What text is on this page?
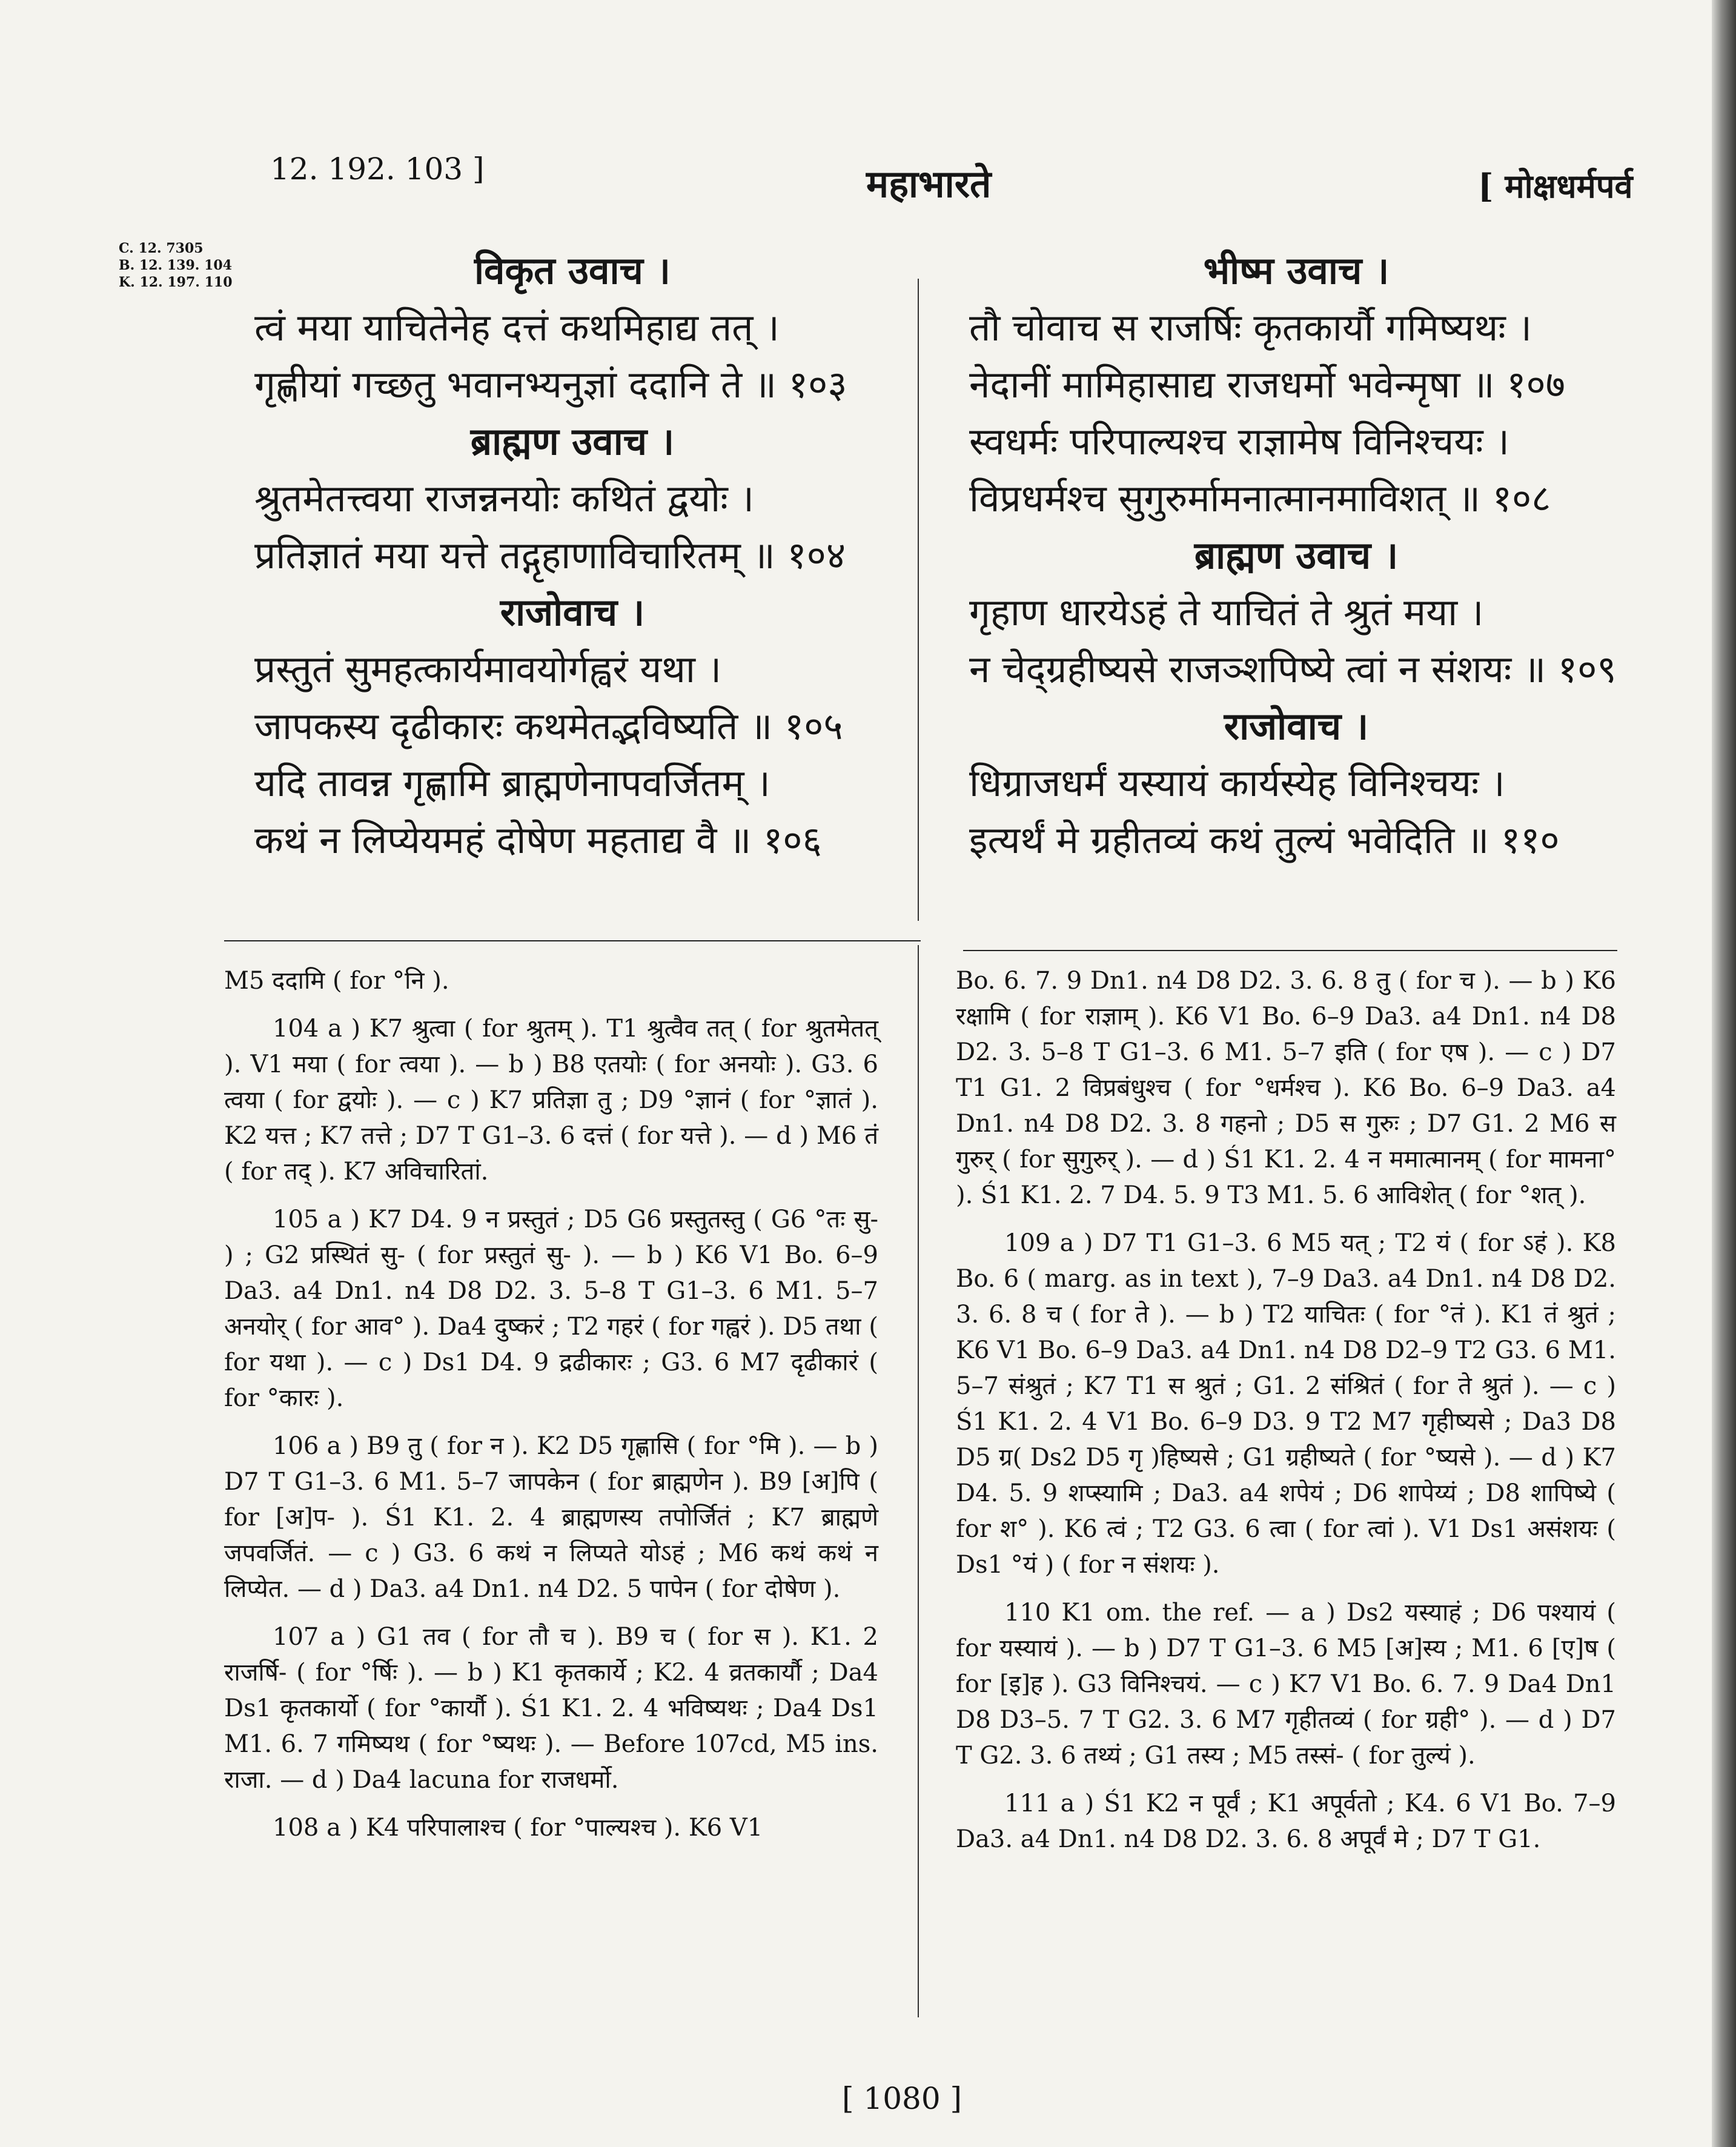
12. 192. 103 ]	महाभारते	[ मोक्षधर्मपर्व
C. 12. 7305
B. 12. 139. 104
K. 12. 197. 110	विकृत उवाच ।
त्वं मया याचितेनेह दत्तं कथमिहाद्य तत् ।
गृह्णीयां गच्छतु भवानभ्यनुज्ञां ददानि ते ॥ १०३
ब्राह्मण उवाच ।
श्रुतमेतत्त्वया राजन्ननयोः कथितं द्वयोः ।
प्रतिज्ञातं मया यत्ते तद्गृहाणाविचारितम् ॥ १०४
राजोवाच ।
प्रस्तुतं सुमहत्कार्यमावयोर्गह्वरं यथा ।
जापकस्य दृढीकारः कथमेतद्भविष्यति ॥ १०५
यदि तावन्न गृह्णामि ब्राह्मणेनापवर्जितम् ।
कथं न लिप्येयमहं दोषेण महताद्य वै ॥ १०६
भीष्म उवाच ।
तौ चोवाच स राजर्षिः कृतकार्यौ गमिष्यथः ।
नेदानीं मामिहासाद्य राजधर्मो भवेन्मृषा ॥ १०७
स्वधर्मः परिपाल्यश्च राज्ञामेष विनिश्चयः ।
विप्रधर्मश्च सुगुरुर्मामनात्मानमाविशत् ॥ १०८
ब्राह्मण उवाच ।
गृहाण धारयेऽहं ते याचितं ते श्रुतं मया ।
न चेद्ग्रहीष्यसे राजञ्शपिष्ये त्वां न संशयः ॥ १०९
राजोवाच ।
धिग्राजधर्मं यस्यायं कार्यस्येह विनिश्चयः ।
इत्यर्थं मे ग्रहीतव्यं कथं तुल्यं भवेदिति ॥ ११०

M5 ददामि ( for °नि ).

104 a ) K7 श्रुत्वा ( for श्रुतम् ). T1 श्रुत्वैव तत् ( for श्रुतमेतत् ). V1 मया ( for त्वया ). — b ) B8 एतयोः ( for अनयोः ). G3. 6 त्वया ( for द्वयोः ). — c ) K7 प्रतिज्ञा तु ; D9 °ज्ञानं ( for °ज्ञातं ). K2 यत्त ; K7 तत्ते ; D7 T G1–3. 6 दत्तं ( for यत्ते ). — d ) M6 तं ( for तद् ). K7 अविचारितां.

105 a ) K7 D4. 9 न प्रस्तुतं ; D5 G6 प्रस्तुतस्तु ( G6 °तः सु- ) ; G2 प्रस्थितं सु- ( for प्रस्तुतं सु- ). — b ) K6 V1 Bo. 6–9 Da3. a4 Dn1. n4 D8 D2. 3. 5–8 T G1–3. 6 M1. 5–7 अनयोर् ( for आव° ). Da4 दुष्करं ; T2 गहरं ( for गह्वरं ). D5 तथा ( for यथा ). — c ) Ds1 D4. 9 द्रढीकारः ; G3. 6 M7 दृढीकारं ( for °कारः ).

106 a ) B9 तु ( for न ). K2 D5 गृह्णासि ( for °मि ). — b ) D7 T G1–3. 6 M1. 5–7 जापकेन ( for ब्राह्मणेन ). B9 [अ]पि ( for [अ]प- ). Ś1 K1. 2. 4 ब्राह्मणस्य तपोर्जितं ; K7 ब्राह्मणे जपवर्जितं. — c ) G3. 6 कथं न लिप्यते योऽहं ; M6 कथं कथं न लिप्येत. — d ) Da3. a4 Dn1. n4 D2. 5 पापेन ( for दोषेण ).

107 a ) G1 तव ( for तौ च ). B9 च ( for स ). K1. 2 राजर्षि- ( for °र्षिः ). — b ) K1 कृतकार्ये ; K2. 4 व्रतकार्यौ ; Da4 Ds1 कृतकार्यो ( for °कार्यौ ). Ś1 K1. 2. 4 भविष्यथः ; Da4 Ds1 M1. 6. 7 गमिष्यथ ( for °ष्यथः ). — Before 107cd, M5 ins. राजा. — d ) Da4 lacuna for राजधर्मो.

108 a ) K4 परिपालाश्च ( for °पाल्यश्च ). K6 V1

Bo. 6. 7. 9 Dn1. n4 D8 D2. 3. 6. 8 तु ( for च ). — b ) K6 रक्षामि ( for राज्ञाम् ). K6 V1 Bo. 6–9 Da3. a4 Dn1. n4 D8 D2. 3. 5–8 T G1–3. 6 M1. 5–7 इति ( for एष ). — c ) D7 T1 G1. 2 विप्रबंधुश्च ( for °धर्मश्च ). K6 Bo. 6–9 Da3. a4 Dn1. n4 D8 D2. 3. 8 गहनो ; D5 स गुरुः ; D7 G1. 2 M6 स गुरुर् ( for सुगुरुर् ). — d ) Ś1 K1. 2. 4 न ममात्मानम् ( for मामना° ). Ś1 K1. 2. 7 D4. 5. 9 T3 M1. 5. 6 आविशेत् ( for °शत् ).

109 a ) D7 T1 G1–3. 6 M5 यत् ; T2 यं ( for ऽहं ). K8 Bo. 6 ( marg. as in text ), 7–9 Da3. a4 Dn1. n4 D8 D2. 3. 6. 8 च ( for ते ). — b ) T2 याचितः ( for °तं ). K1 तं श्रुतं ; K6 V1 Bo. 6–9 Da3. a4 Dn1. n4 D8 D2–9 T2 G3. 6 M1. 5–7 संश्रुतं ; K7 T1 स श्रुतं ; G1. 2 संश्रितं ( for ते श्रुतं ). — c ) Ś1 K1. 2. 4 V1 Bo. 6–9 D3. 9 T2 M7 गृहीष्यसे ; Da3 D8 D5 ग्र( Ds2 D5 गृ )हिष्यसे ; G1 ग्रहीष्यते ( for °ष्यसे ). — d ) K7 D4. 5. 9 शप्स्यामि ; Da3. a4 शपेयं ; D6 शापेय्यं ; D8 शापिष्ये ( for श° ). K6 त्वं ; T2 G3. 6 त्वा ( for त्वां ). V1 Ds1 असंशयः ( Ds1 °यं ) ( for न संशयः ).

110 K1 om. the ref. — a ) Ds2 यस्याहं ; D6 पश्यायं ( for यस्यायं ). — b ) D7 T G1–3. 6 M5 [अ]स्य ; M1. 6 [ए]ष ( for [इ]ह ). G3 विनिश्चयं. — c ) K7 V1 Bo. 6. 7. 9 Da4 Dn1 D8 D3–5. 7 T G2. 3. 6 M7 गृहीतव्यं ( for ग्रही° ). — d ) D7 T G2. 3. 6 तथ्यं ; G1 तस्य ; M5 तस्सं- ( for तुल्यं ).

111 a ) Ś1 K2 न पूर्वं ; K1 अपूर्वतो ; K4. 6 V1 Bo. 7–9 Da3. a4 Dn1. n4 D8 D2. 3. 6. 8 अपूर्वं मे ; D7 T G1.

[ 1080 ]
